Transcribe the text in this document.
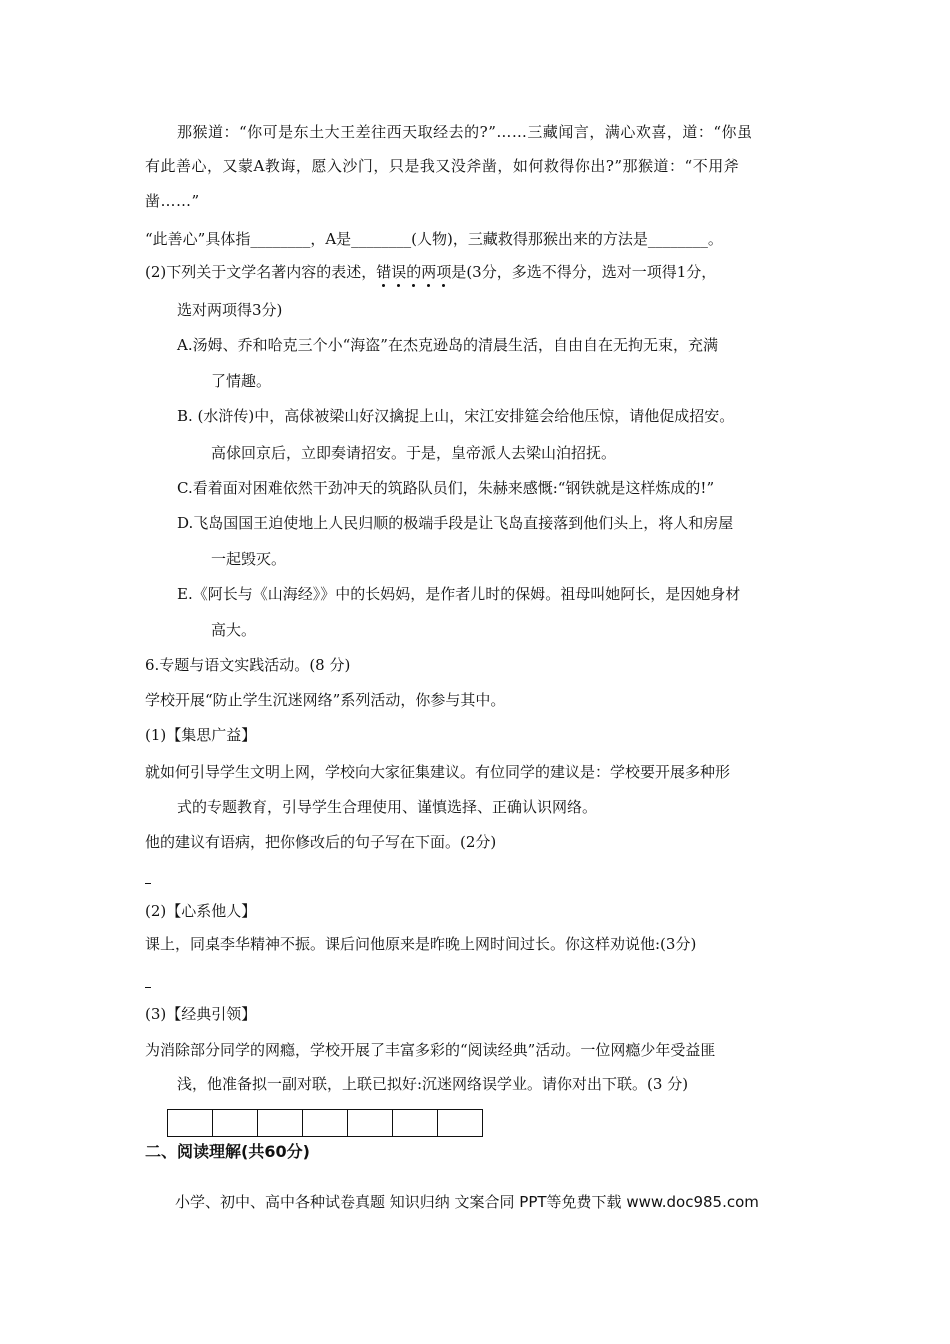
那猴道：“你可是东土大王差往西天取经去的?”……三藏闻言，满心欢喜，道：“你虽
有此善心，又蒙A教诲，愿入沙门，只是我又没斧凿，如何救得你出?”那猴道：“不用斧
凿……”
“此善心”具体指________，A是________(人物)，三藏救得那猴出来的方法是________。
(2)下列关于文学名著内容的表述，错误的两项是(3分，多选不得分，选对一项得1分，
选对两项得3分)
A.汤姆、乔和哈克三个小“海盗”在杰克逊岛的清晨生活，自由自在无拘无束，充满
了情趣。
B. (水浒传)中，高俅被梁山好汉擒捉上山，宋江安排筵会给他压惊，请他促成招安。
高俅回京后，立即奏请招安。于是，皇帝派人去梁山泊招抚。
C.看着面对困难依然干劲冲天的筑路队员们，朱赫来感慨:“钢铁就是这样炼成的!”
D.飞岛国国王迫使地上人民归顺的极端手段是让飞岛直接落到他们头上，将人和房屋
一起毁灭。
E.《阿长与《山海经》》中的长妈妈，是作者儿时的保姆。祖母叫她阿长，是因她身材
高大。
6.专题与语文实践活动。(8 分)
学校开展“防止学生沉迷网络”系列活动，你参与其中。
(1)【集思广益】
就如何引导学生文明上网，学校向大家征集建议。有位同学的建议是：学校要开展多种形
式的专题教育，引导学生合理使用、谨慎选择、正确认识网络。
他的建议有语病，把你修改后的句子写在下面。(2分)
(2)【心系他人】
课上，同桌李华精神不振。课后问他原来是昨晚上网时间过长。你这样劝说他:(3分)
(3)【经典引领】
为消除部分同学的网瘾，学校开展了丰富多彩的“阅读经典”活动。一位网瘾少年受益匪
浅，他准备拟一副对联，上联已拟好:沉迷网络误学业。请你对出下联。(3 分)
二、阅读理解(共60分)
小学、初中、高中各种试卷真题 知识归纳 文案合同 PPT等免费下载 www.doc985.com
